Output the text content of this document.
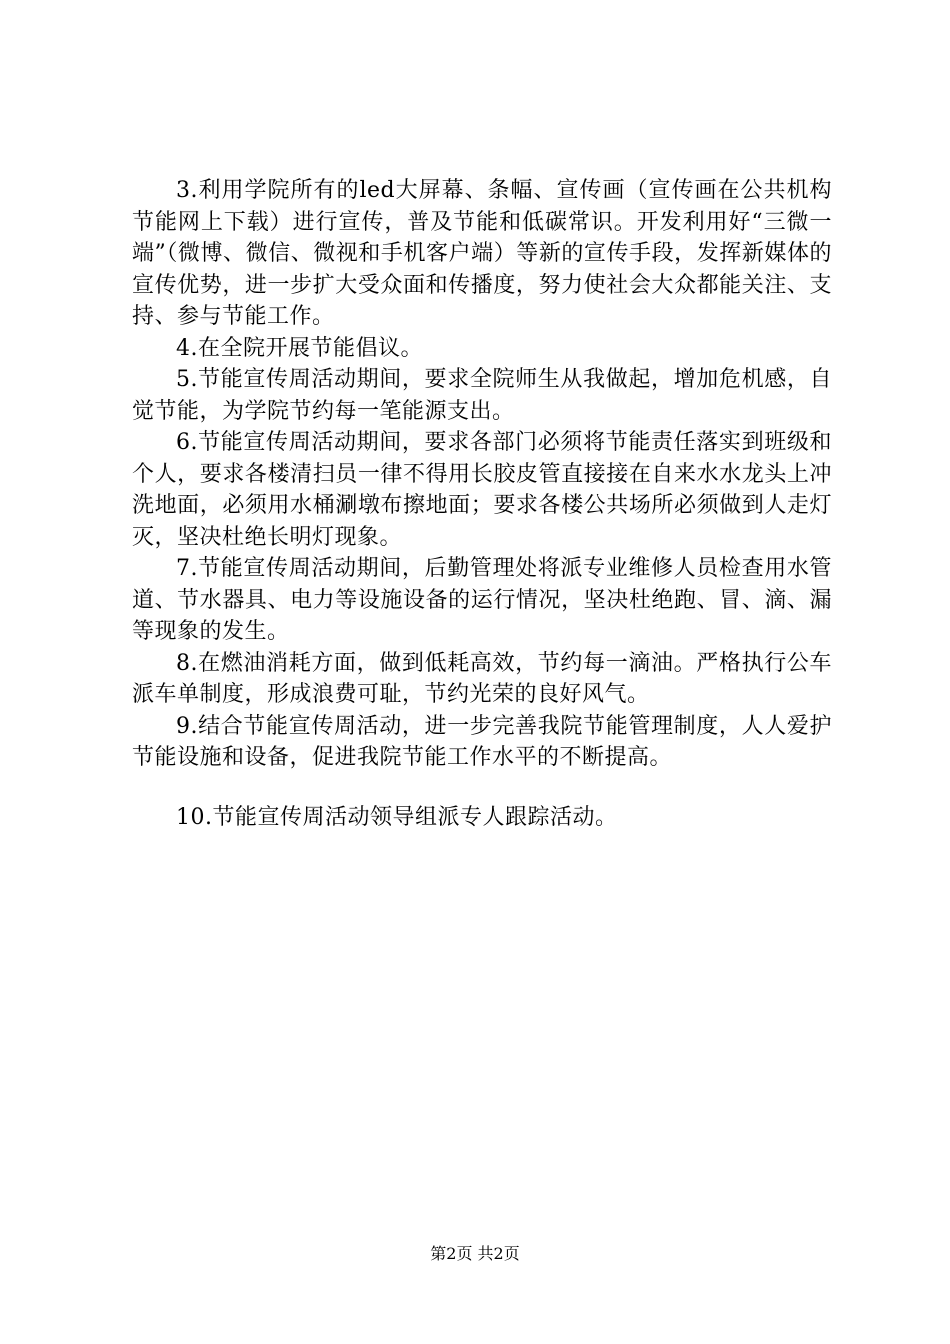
3.利用学院所有的led大屏幕、条幅、宣传画（宣传画在公共机构节能网上下载）进行宣传，普及节能和低碳常识。开发利用好“三微一端”（微博、微信、微视和手机客户端）等新的宣传手段，发挥新媒体的宣传优势，进一步扩大受众面和传播度，努力使社会大众都能关注、支持、参与节能工作。

4.在全院开展节能倡议。

5.节能宣传周活动期间，要求全院师生从我做起，增加危机感，自觉节能，为学院节约每一笔能源支出。

6.节能宣传周活动期间，要求各部门必须将节能责任落实到班级和个人，要求各楼清扫员一律不得用长胶皮管直接接在自来水水龙头上冲洗地面，必须用水桶涮墩布擦地面；要求各楼公共场所必须做到人走灯灭，坚决杜绝长明灯现象。

7.节能宣传周活动期间，后勤管理处将派专业维修人员检查用水管道、节水器具、电力等设施设备的运行情况，坚决杜绝跑、冒、滴、漏等现象的发生。

8.在燃油消耗方面，做到低耗高效，节约每一滴油。严格执行公车派车单制度，形成浪费可耻，节约光荣的良好风气。

9.结合节能宣传周活动，进一步完善我院节能管理制度，人人爱护节能设施和设备，促进我院节能工作水平的不断提高。

10.节能宣传周活动领导组派专人跟踪活动。

第2页 共2页
